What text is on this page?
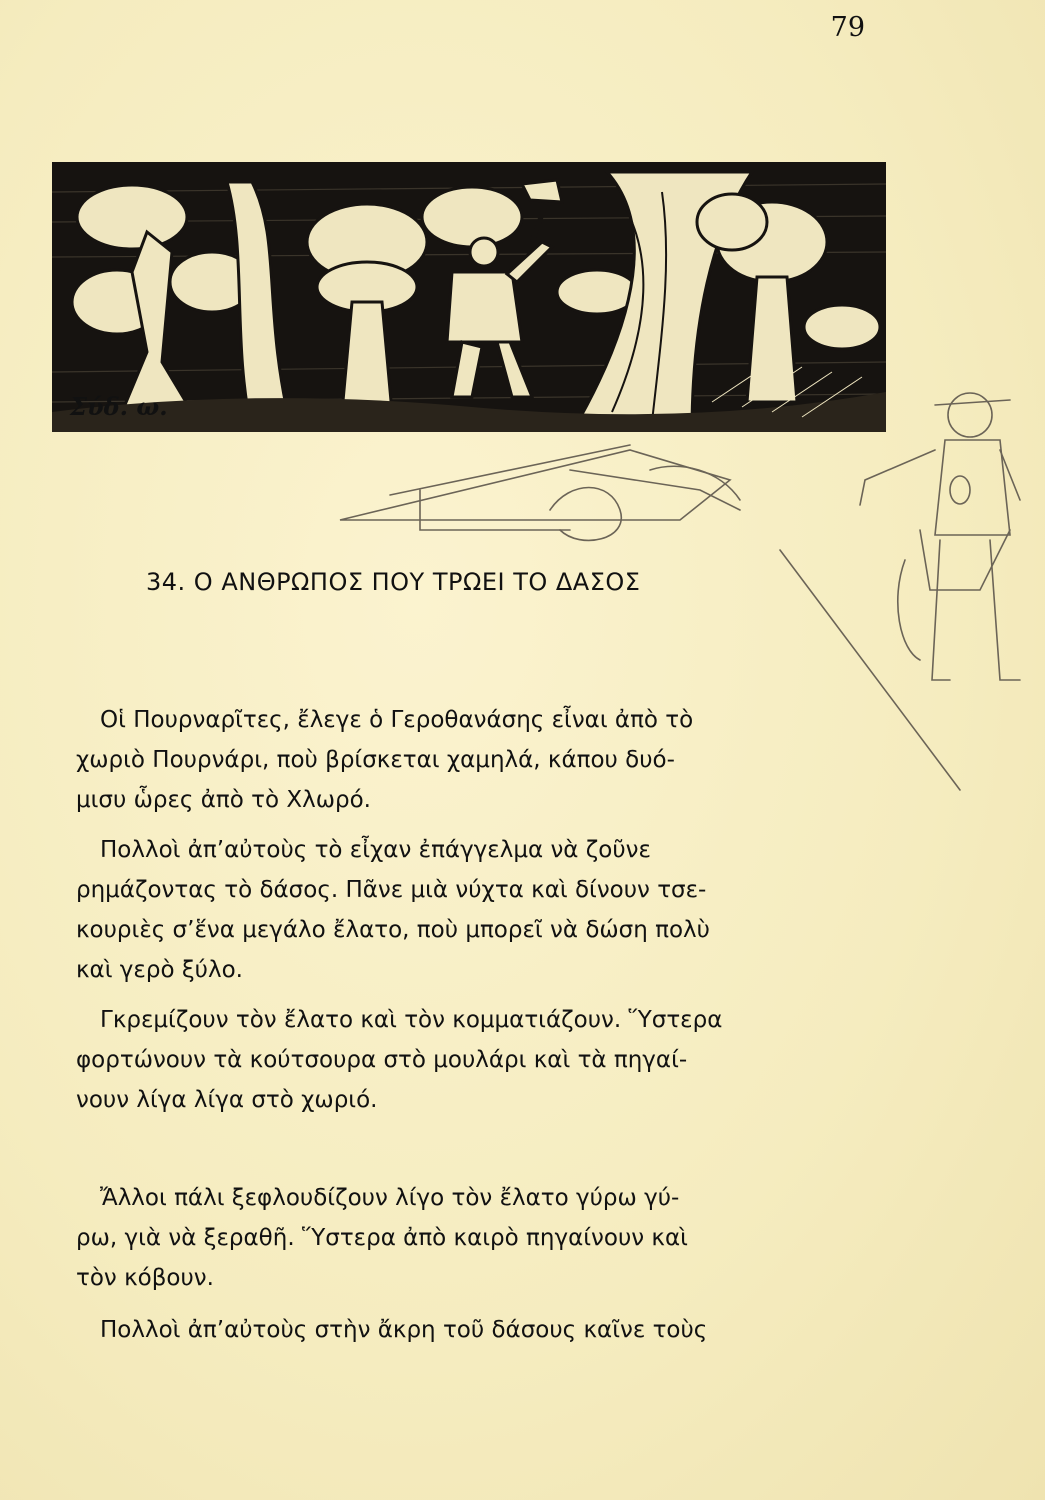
79
Σύδ. ω.
34. Ο ΑΝΘΡΩΠΟΣ ΠΟΥ ΤΡΩΕΙ ΤΟ ΔΑΣΟΣ
Οἱ Πουρναρῖτες, ἔλεγε ὁ Γεροθανάσης εἶναι ἀπὸ τὸ
χωριὸ Πουρνάρι, ποὺ βρίσκεται χαμηλά, κάπου δυό-
μισυ ὧρες ἀπὸ τὸ Χλωρό.
Πολλοὶ ἀπ’αὐτοὺς τὸ εἶχαν ἐπάγγελμα νὰ ζοῦνε
ρημάζοντας τὸ δάσος. Πᾶνε μιὰ νύχτα καὶ δίνουν τσε-
κουριὲς σ’ἕνα μεγάλο ἔλατο, ποὺ μπορεῖ νὰ δώση πολὺ
καὶ γερὸ ξύλο.
Γκρεμίζουν τὸν ἔλατο καὶ τὸν κομματιάζουν. Ὕστερα
φορτώνουν τὰ κούτσουρα στὸ μουλάρι καὶ τὰ πηγαί-
νουν λίγα λίγα στὸ χωριό.
Ἄλλοι πάλι ξεφλουδίζουν λίγο τὸν ἔλατο γύρω γύ-
ρω, γιὰ νὰ ξεραθῆ. Ὕστερα ἀπὸ καιρὸ πηγαίνουν καὶ
τὸν κόβουν.
Πολλοὶ ἀπ’αὐτοὺς στὴν ἄκρη τοῦ δάσους καῖνε τοὺς
